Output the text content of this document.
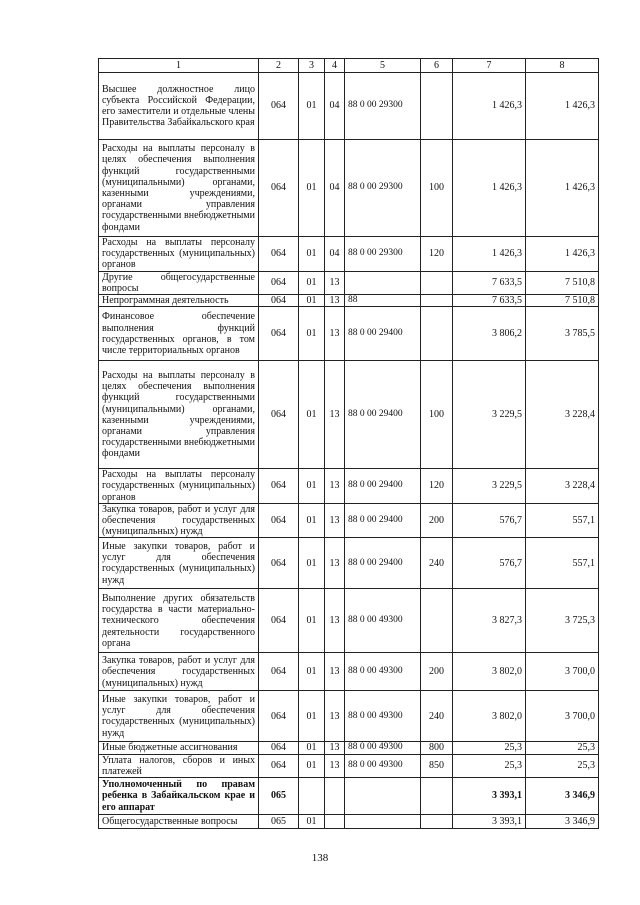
1	2	3	4	5	6	7	8
Высшее должностное лицо субъекта Российской Федерации, его заместители и отдельные члены Правительства Забайкальского края	064	01	04	88 0 00 29300		1 426,3	1 426,3
Расходы на выплаты персоналу в целях обеспечения выполнения функций государственными (муниципальными) органами, казенными учреждениями, органами управления государственными внебюджетными фондами	064	01	04	88 0 00 29300	100	1 426,3	1 426,3
Расходы на выплаты персоналу государственных (муниципальных) органов	064	01	04	88 0 00 29300	120	1 426,3	1 426,3
Другие общегосударственные вопросы	064	01	13			7 633,5	7 510,8
Непрограммная деятельность	064	01	13	88		7 633,5	7 510,8
Финансовое обеспечение выполнения функций государственных органов, в том числе территориальных органов	064	01	13	88 0 00 29400		3 806,2	3 785,5
Расходы на выплаты персоналу в целях обеспечения выполнения функций государственными (муниципальными) органами, казенными учреждениями, органами управления государственными внебюджетными фондами	064	01	13	88 0 00 29400	100	3 229,5	3 228,4
Расходы на выплаты персоналу государственных (муниципальных) органов	064	01	13	88 0 00 29400	120	3 229,5	3 228,4
Закупка товаров, работ и услуг для обеспечения государственных (муниципальных) нужд	064	01	13	88 0 00 29400	200	576,7	557,1
Иные закупки товаров, работ и услуг для обеспечения государственных (муниципальных) нужд	064	01	13	88 0 00 29400	240	576,7	557,1
Выполнение других обязательств государства в части материально-технического обеспечения деятельности государственного органа	064	01	13	88 0 00 49300		3 827,3	3 725,3
Закупка товаров, работ и услуг для обеспечения государственных (муниципальных) нужд	064	01	13	88 0 00 49300	200	3 802,0	3 700,0
Иные закупки товаров, работ и услуг для обеспечения государственных (муниципальных) нужд	064	01	13	88 0 00 49300	240	3 802,0	3 700,0
Иные бюджетные ассигнования	064	01	13	88 0 00 49300	800	25,3	25,3
Уплата налогов, сборов и иных платежей	064	01	13	88 0 00 49300	850	25,3	25,3
Уполномоченный по правам ребенка в Забайкальском крае и его аппарат	065					3 393,1	3 346,9
Общегосударственные вопросы	065	01				3 393,1	3 346,9
138
